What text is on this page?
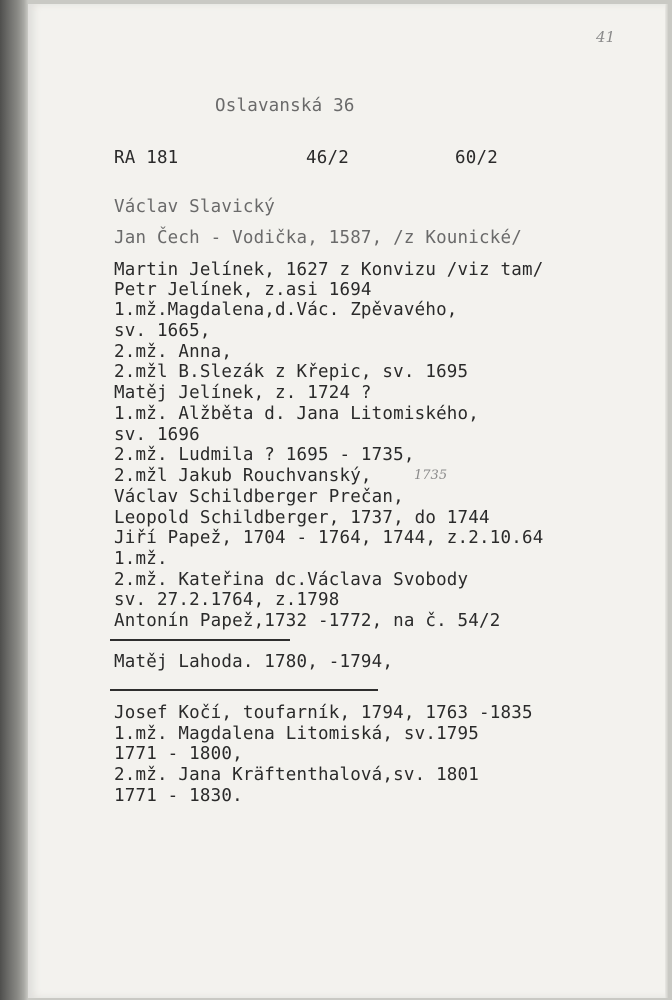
41
Oslavanská 36
RA 181	46/2	60/2
Václav Slavický
Jan Čech - Vodička, 1587, /z Kounické/
Martin Jelínek, 1627 z Konvizu /viz tam/
Petr Jelínek, z.asi 1694
1.mž.Magdalena,d.Vác. Zpěvavého,
sv. 1665,
2.mž. Anna,
2.mžl B.Slezák z Křepic, sv. 1695
Matěj Jelínek, z. 1724 ?
1.mž. Alžběta d. Jana Litomiského,
sv. 1696
2.mž. Ludmila ? 1695 - 1735,
2.mžl Jakub Rouchvanský,	1735
Václav Schildberger Prečan,
Leopold Schildberger, 1737, do 1744
Jiří Papež, 1704 - 1764, 1744, z.2.10.64
1.mž.
2.mž. Kateřina dc.Václava Svobody
sv. 27.2.1764, z.1798
Antonín Papež,1732 -1772, na č. 54/2
Matěj Lahoda. 1780, -1794,
Josef Kočí, toufarník, 1794, 1763 -1835
1.mž. Magdalena Litomiská, sv.1795
1771 - 1800,
2.mž. Jana Kräftenthalová,sv. 1801
1771 - 1830.
